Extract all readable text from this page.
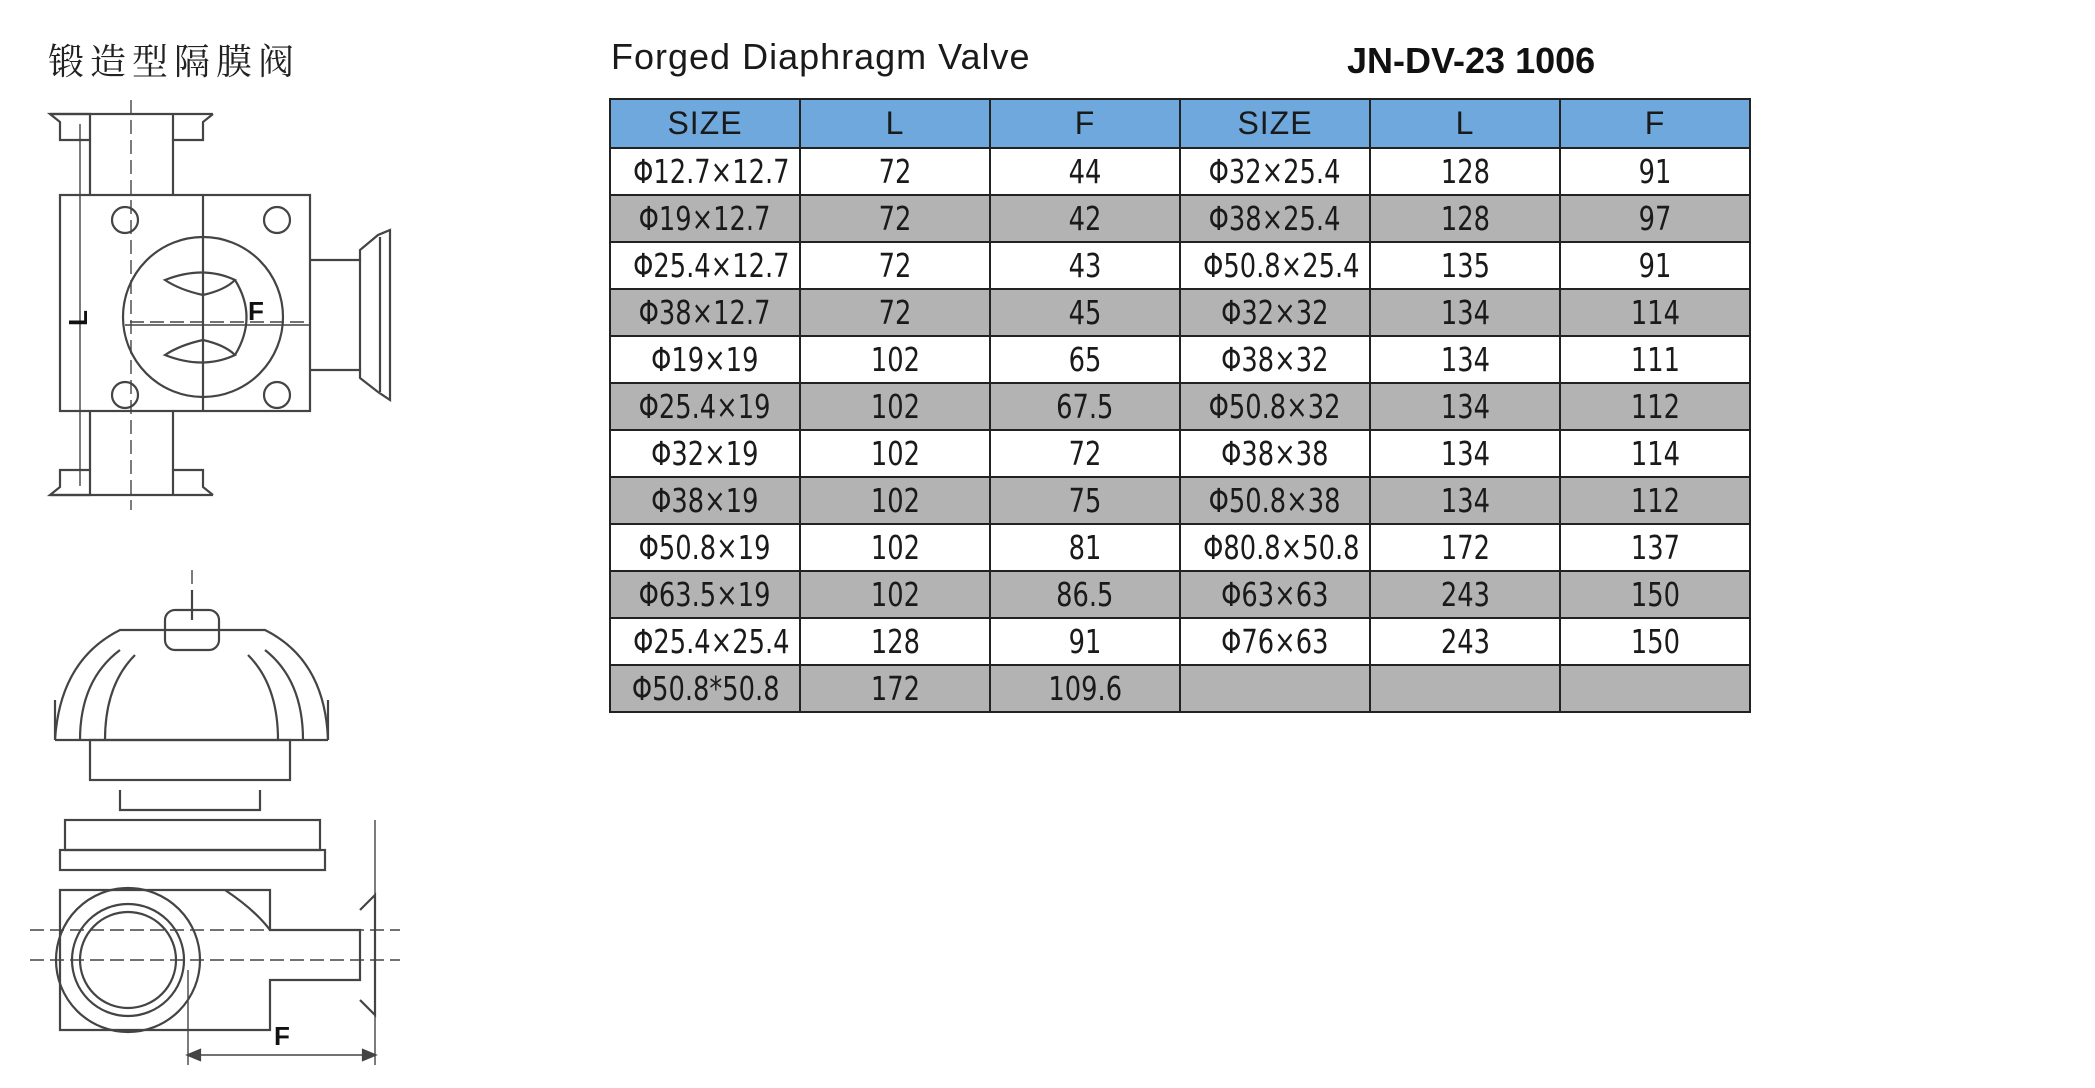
锻造型隔膜阀	Forged Diaphragm Valve	JN-DV-23 1006
L	F
F
SIZE	L	F	SIZE	L	F
Φ12.7×12.7	72	44	Φ32×25.4	128	91
Φ19×12.7	72	42	Φ38×25.4	128	97
Φ25.4×12.7	72	43	Φ50.8×25.4	135	91
Φ38×12.7	72	45	Φ32×32	134	114
Φ19×19	102	65	Φ38×32	134	111
Φ25.4×19	102	67.5	Φ50.8×32	134	112
Φ32×19	102	72	Φ38×38	134	114
Φ38×19	102	75	Φ50.8×38	134	112
Φ50.8×19	102	81	Φ80.8×50.8	172	137
Φ63.5×19	102	86.5	Φ63×63	243	150
Φ25.4×25.4	128	91	Φ76×63	243	150
Φ50.8*50.8	172	109.6			
